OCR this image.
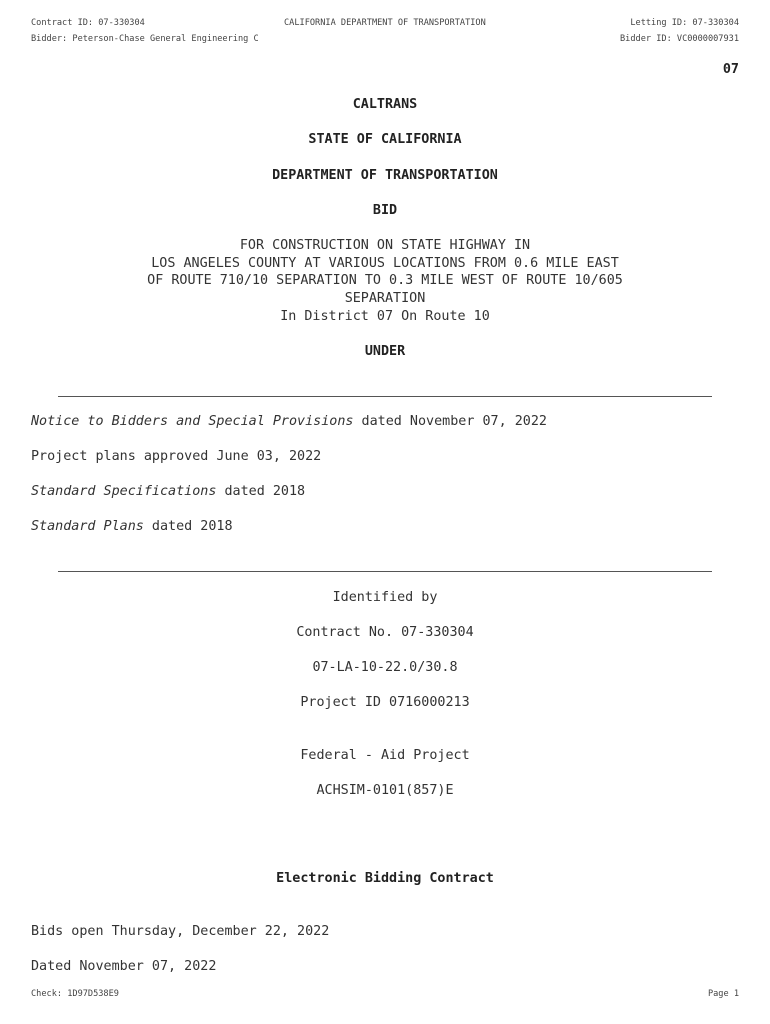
Contract ID: 07-330304	CALIFORNIA DEPARTMENT OF TRANSPORTATION	Letting ID: 07-330304
Bidder: Peterson-Chase General Engineering C	Bidder ID: VC0000007931
07
CALTRANS
STATE OF CALIFORNIA
DEPARTMENT OF TRANSPORTATION
BID
FOR CONSTRUCTION ON STATE HIGHWAY IN
LOS ANGELES COUNTY AT VARIOUS LOCATIONS FROM 0.6 MILE EAST
OF ROUTE 710/10 SEPARATION TO 0.3 MILE WEST OF ROUTE 10/605
SEPARATION
In District 07 On Route 10
UNDER
Notice to Bidders and Special Provisions dated November 07, 2022
Project plans approved June 03, 2022
Standard Specifications dated 2018
Standard Plans dated 2018
Identified by
Contract No. 07-330304
07-LA-10-22.0/30.8
Project ID 0716000213
Federal - Aid Project
ACHSIM-0101(857)E
Electronic Bidding Contract
Bids open Thursday, December 22, 2022
Dated November 07, 2022
Check: 1D97D538E9	Page 1
